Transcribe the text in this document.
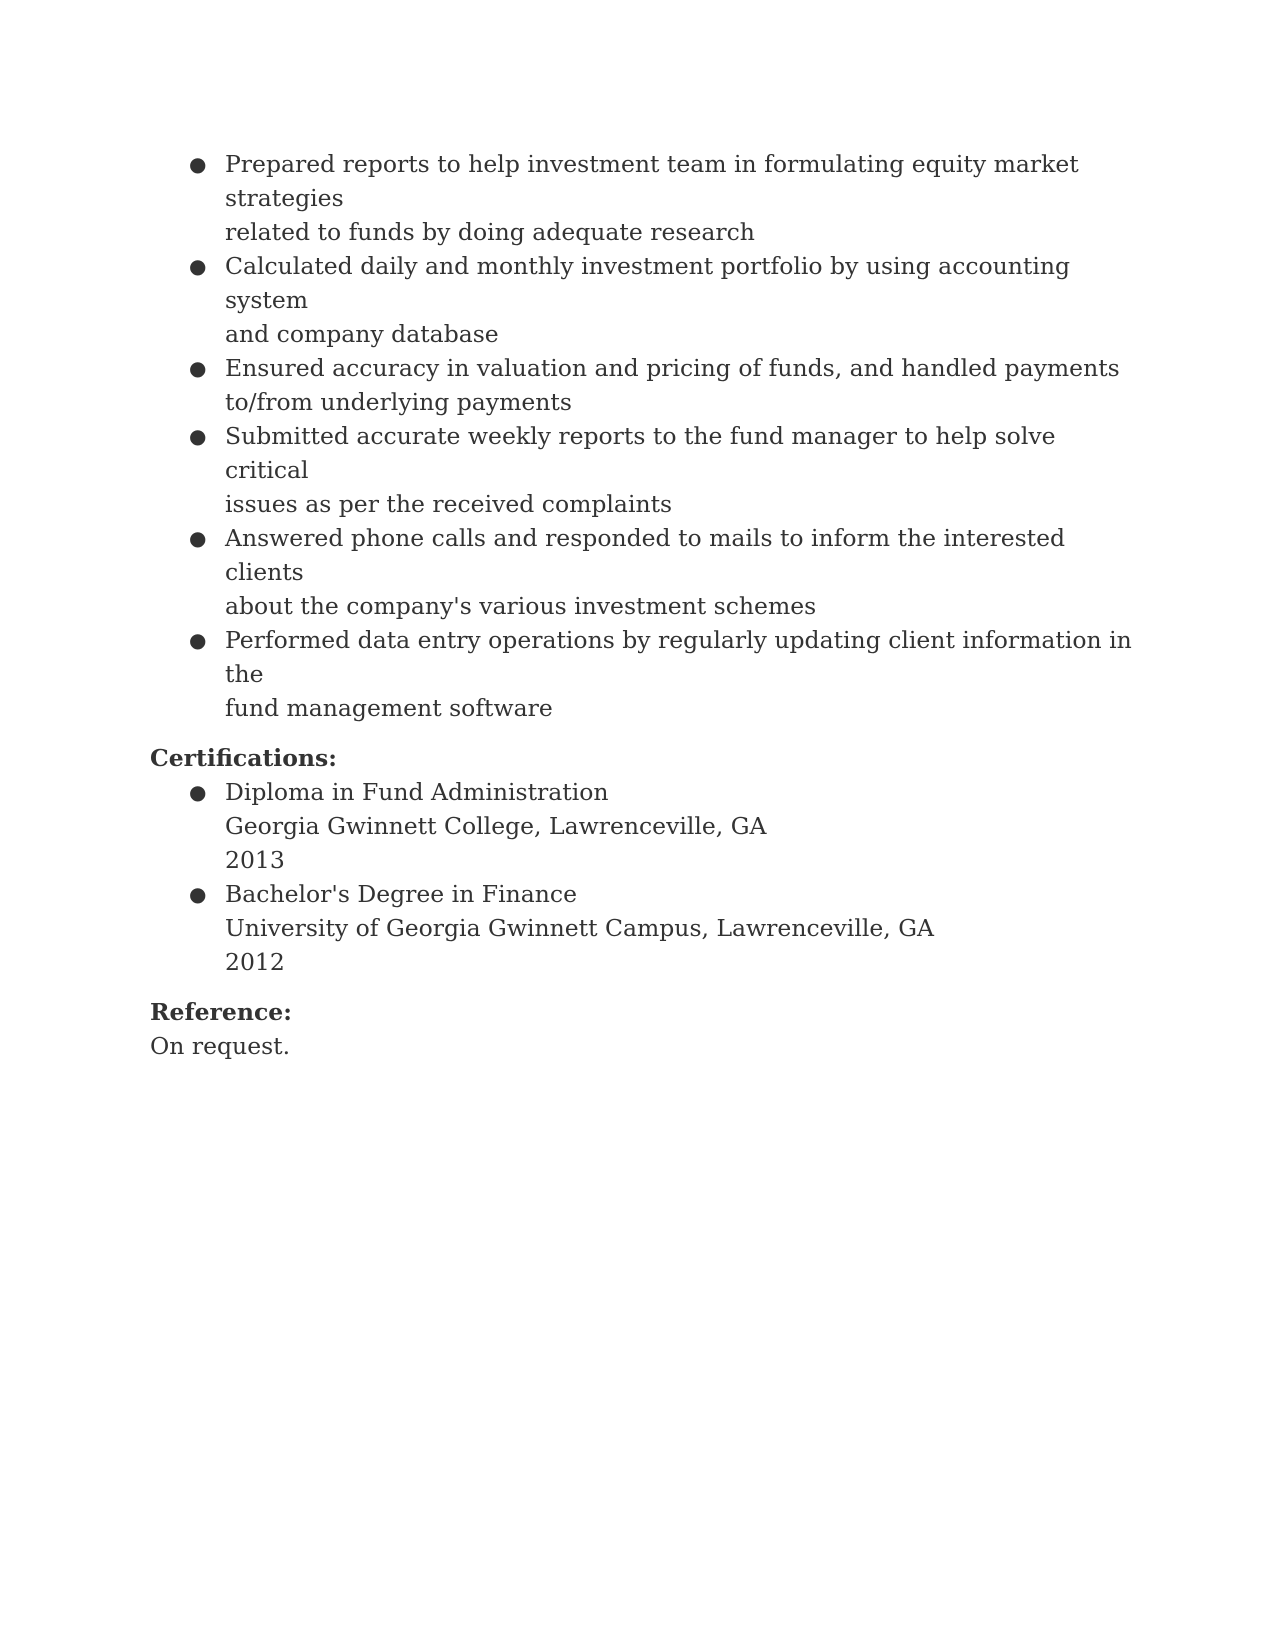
● Prepared reports to help investment team in formulating equity market strategies
related to funds by doing adequate research
● Calculated daily and monthly investment portfolio by using accounting system
and company database
● Ensured accuracy in valuation and pricing of funds, and handled payments
to/from underlying payments
● Submitted accurate weekly reports to the fund manager to help solve critical
issues as per the received complaints
● Answered phone calls and responded to mails to inform the interested clients
about the company's various investment schemes
● Performed data entry operations by regularly updating client information in the
fund management software

Certifications:

● Diploma in Fund Administration
Georgia Gwinnett College, Lawrenceville, GA
2013
● Bachelor's Degree in Finance
University of Georgia Gwinnett Campus, Lawrenceville, GA
2012

Reference:

On request.
